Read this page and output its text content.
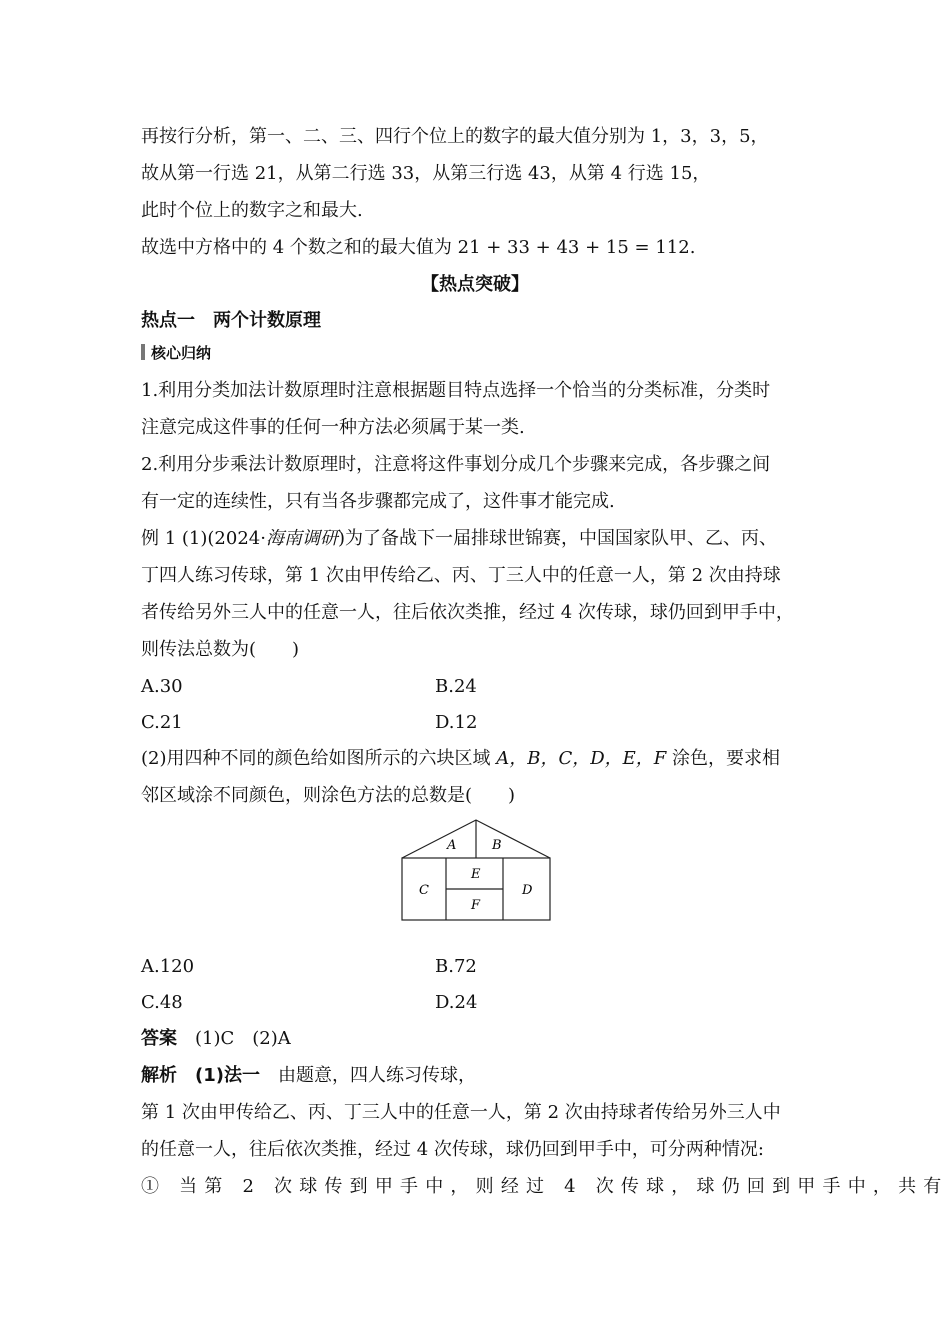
再按行分析，第一、二、三、四行个位上的数字的最大值分别为 1，3，3，5，
故从第一行选 21，从第二行选 33，从第三行选 43，从第 4 行选 15，
此时个位上的数字之和最大.
故选中方格中的 4 个数之和的最大值为 21 + 33 + 43 + 15 = 112.
【热点突破】
热点一　两个计数原理
核心归纳
1.利用分类加法计数原理时注意根据题目特点选择一个恰当的分类标准，分类时
注意完成这件事的任何一种方法必须属于某一类.
2.利用分步乘法计数原理时，注意将这件事划分成几个步骤来完成，各步骤之间
有一定的连续性，只有当各步骤都完成了，这件事才能完成.
例 1 (1)(2024·海南调研)为了备战下一届排球世锦赛，中国国家队甲、乙、丙、
丁四人练习传球，第 1 次由甲传给乙、丙、丁三人中的任意一人，第 2 次由持球
者传给另外三人中的任意一人，往后依次类推，经过 4 次传球，球仍回到甲手中，
则传法总数为(　　)
A.30	B.24
C.21	D.12
(2)用四种不同的颜色给如图所示的六块区域 A，B，C，D，E，F 涂色，要求相
邻区域涂不同颜色，则涂色方法的总数是(　　)
A	B
C	D
E
F
A.120	B.72
C.48	D.24
答案　 (1)C　(2)A
解析　 (1)法一　 由题意，四人练习传球，
第 1 次由甲传给乙、丙、丁三人中的任意一人，第 2 次由持球者传给另外三人中
的任意一人，往后依次类推，经过 4 次传球，球仍回到甲手中，可分两种情况:
① 当第 2 次球传到甲手中，则经过 4 次传球，球仍回到甲手中，共有
